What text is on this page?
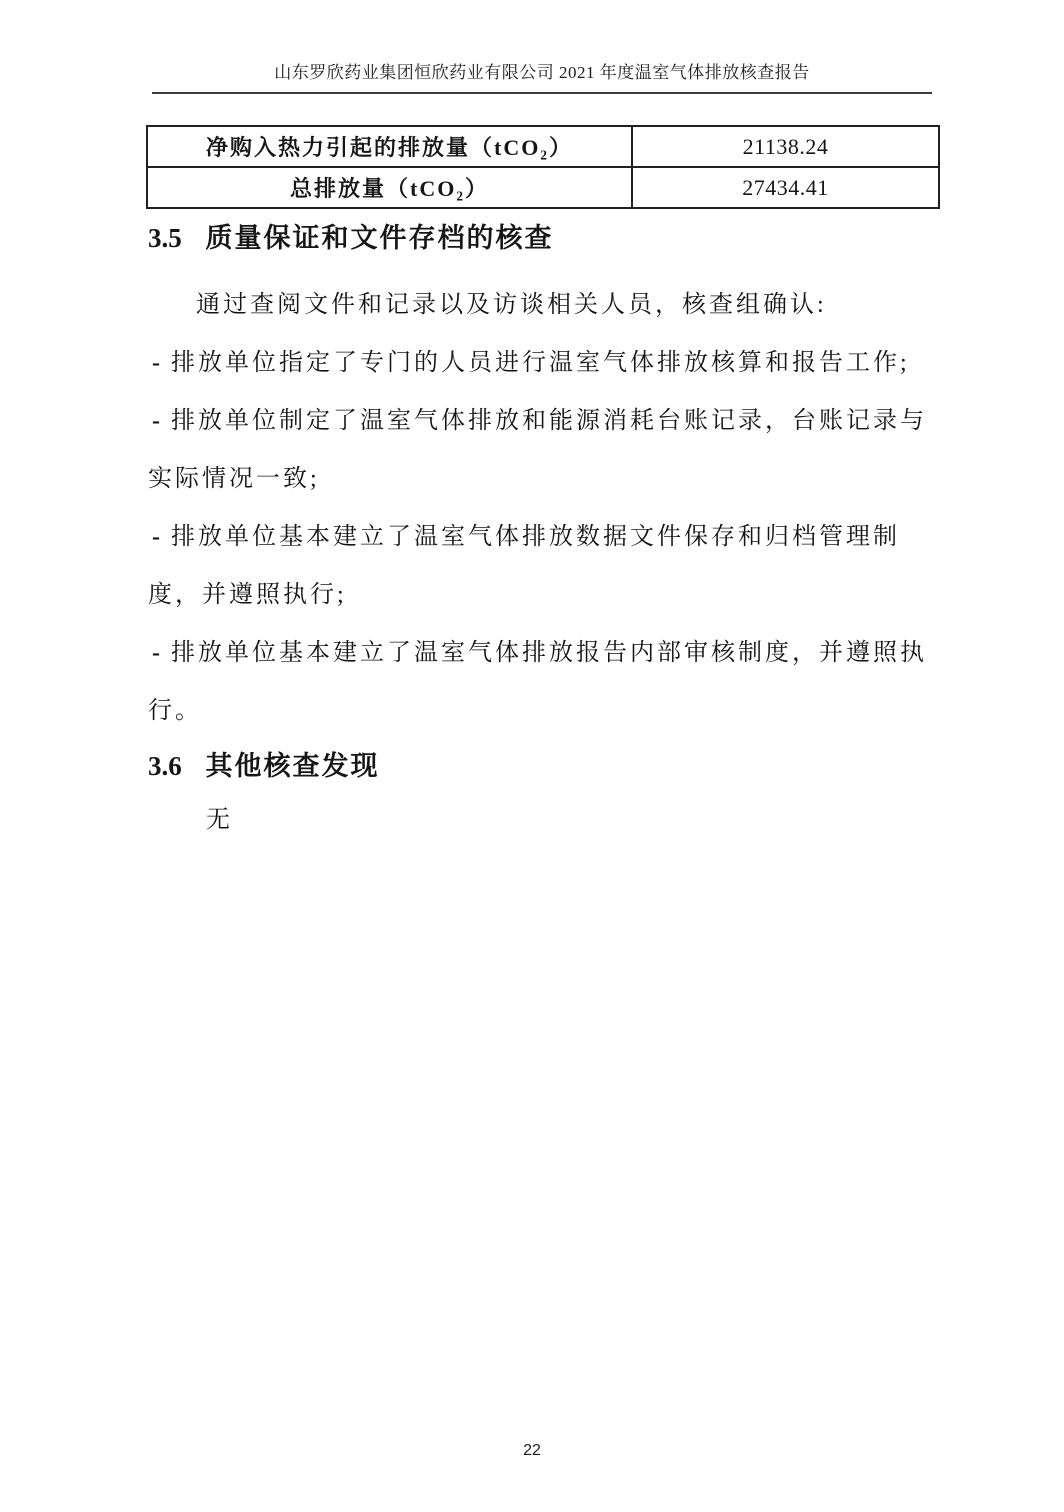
山东罗欣药业集团恒欣药业有限公司 2021 年度温室气体排放核查报告
净购入热力引起的排放量（tCO₂）	21138.24
总排放量（tCO₂）	27434.41
3.5 质量保证和文件存档的核查
通过查阅文件和记录以及访谈相关人员，核查组确认:
- 排放单位指定了专门的人员进行温室气体排放核算和报告工作;
- 排放单位制定了温室气体排放和能源消耗台账记录，台账记录与
实际情况一致;
- 排放单位基本建立了温室气体排放数据文件保存和归档管理制
度，并遵照执行;
- 排放单位基本建立了温室气体排放报告内部审核制度，并遵照执
行。
3.6 其他核查发现
无
22
